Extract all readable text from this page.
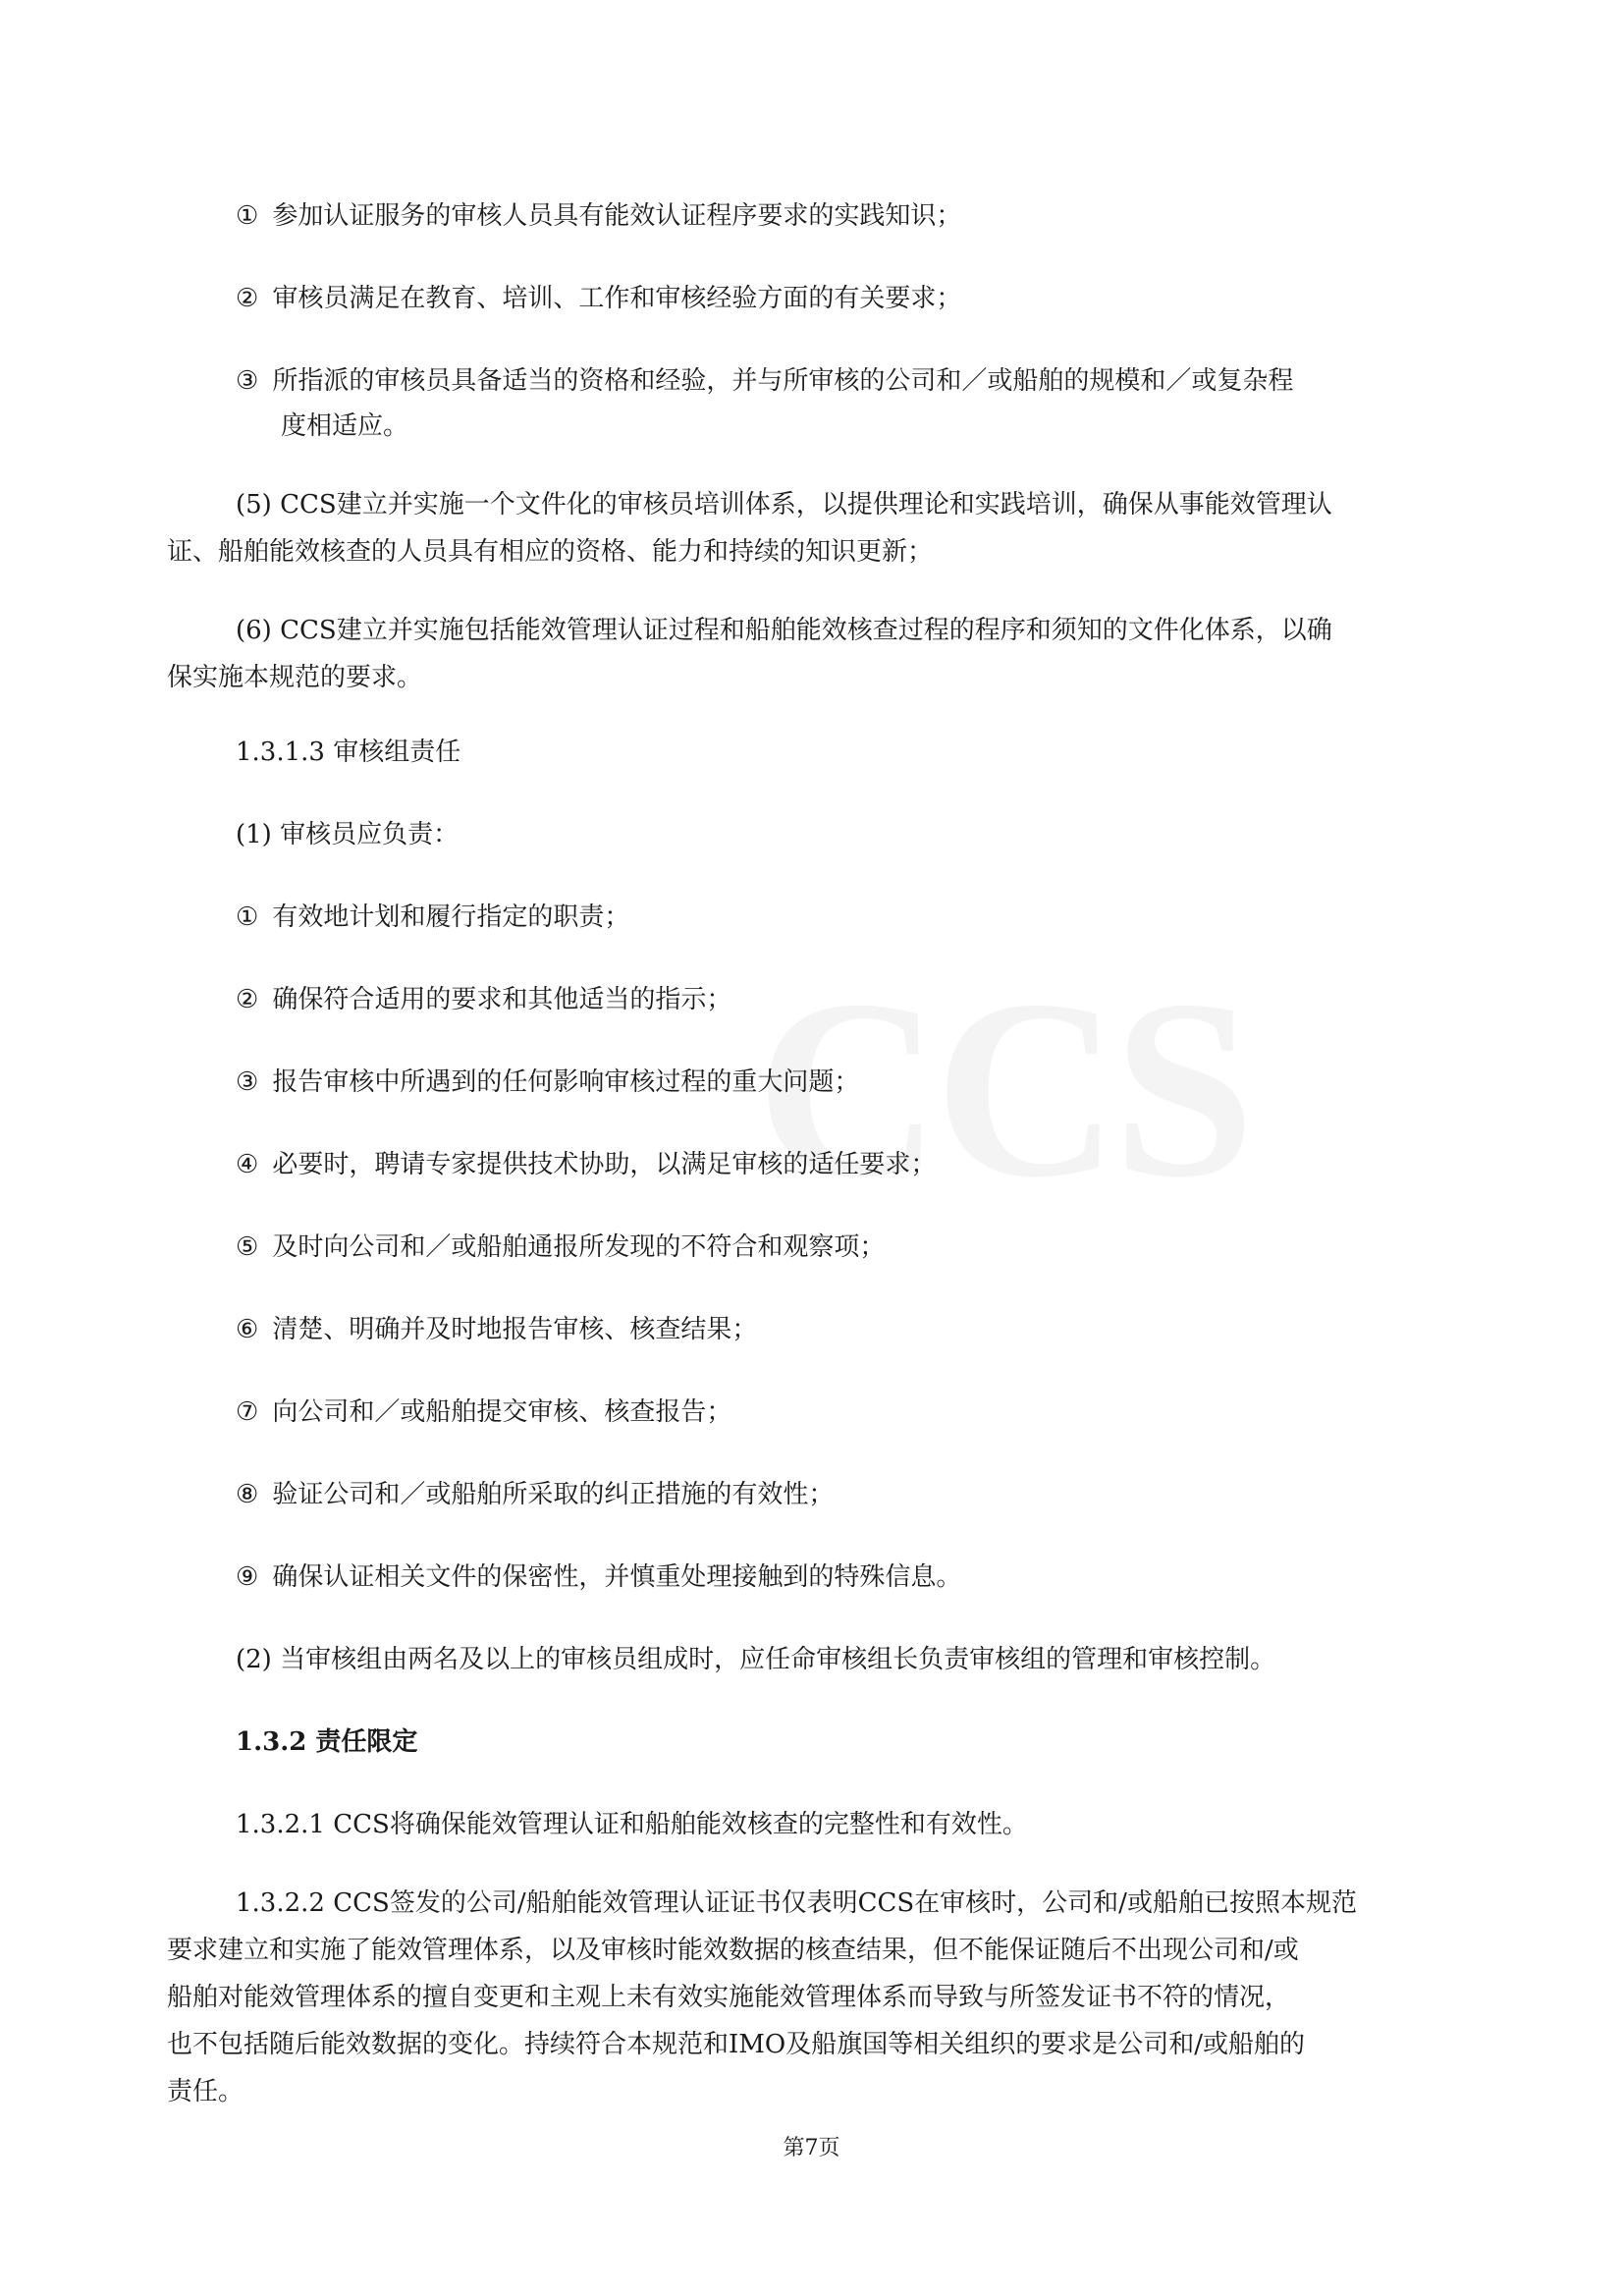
CCS
① 参加认证服务的审核人员具有能效认证程序要求的实践知识；
② 审核员满足在教育、培训、工作和审核经验方面的有关要求；
③ 所指派的审核员具备适当的资格和经验，并与所审核的公司和／或船舶的规模和／或复杂程
度相适应。
(5) CCS建立并实施一个文件化的审核员培训体系，以提供理论和实践培训，确保从事能效管理认
证、船舶能效核查的人员具有相应的资格、能力和持续的知识更新；
(6) CCS建立并实施包括能效管理认证过程和船舶能效核查过程的程序和须知的文件化体系，以确
保实施本规范的要求。
1.3.1.3 审核组责任
(1) 审核员应负责：
① 有效地计划和履行指定的职责；
② 确保符合适用的要求和其他适当的指示；
③ 报告审核中所遇到的任何影响审核过程的重大问题；
④ 必要时，聘请专家提供技术协助，以满足审核的适任要求；
⑤ 及时向公司和／或船舶通报所发现的不符合和观察项；
⑥ 清楚、明确并及时地报告审核、核查结果；
⑦ 向公司和／或船舶提交审核、核查报告；
⑧ 验证公司和／或船舶所采取的纠正措施的有效性；
⑨ 确保认证相关文件的保密性，并慎重处理接触到的特殊信息。
(2) 当审核组由两名及以上的审核员组成时，应任命审核组长负责审核组的管理和审核控制。
1.3.2 责任限定
1.3.2.1 CCS将确保能效管理认证和船舶能效核查的完整性和有效性。
1.3.2.2 CCS签发的公司/船舶能效管理认证证书仅表明CCS在审核时，公司和/或船舶已按照本规范
要求建立和实施了能效管理体系，以及审核时能效数据的核查结果，但不能保证随后不出现公司和/或
船舶对能效管理体系的擅自变更和主观上未有效实施能效管理体系而导致与所签发证书不符的情况，
也不包括随后能效数据的变化。持续符合本规范和IMO及船旗国等相关组织的要求是公司和/或船舶的
责任。
第7页
